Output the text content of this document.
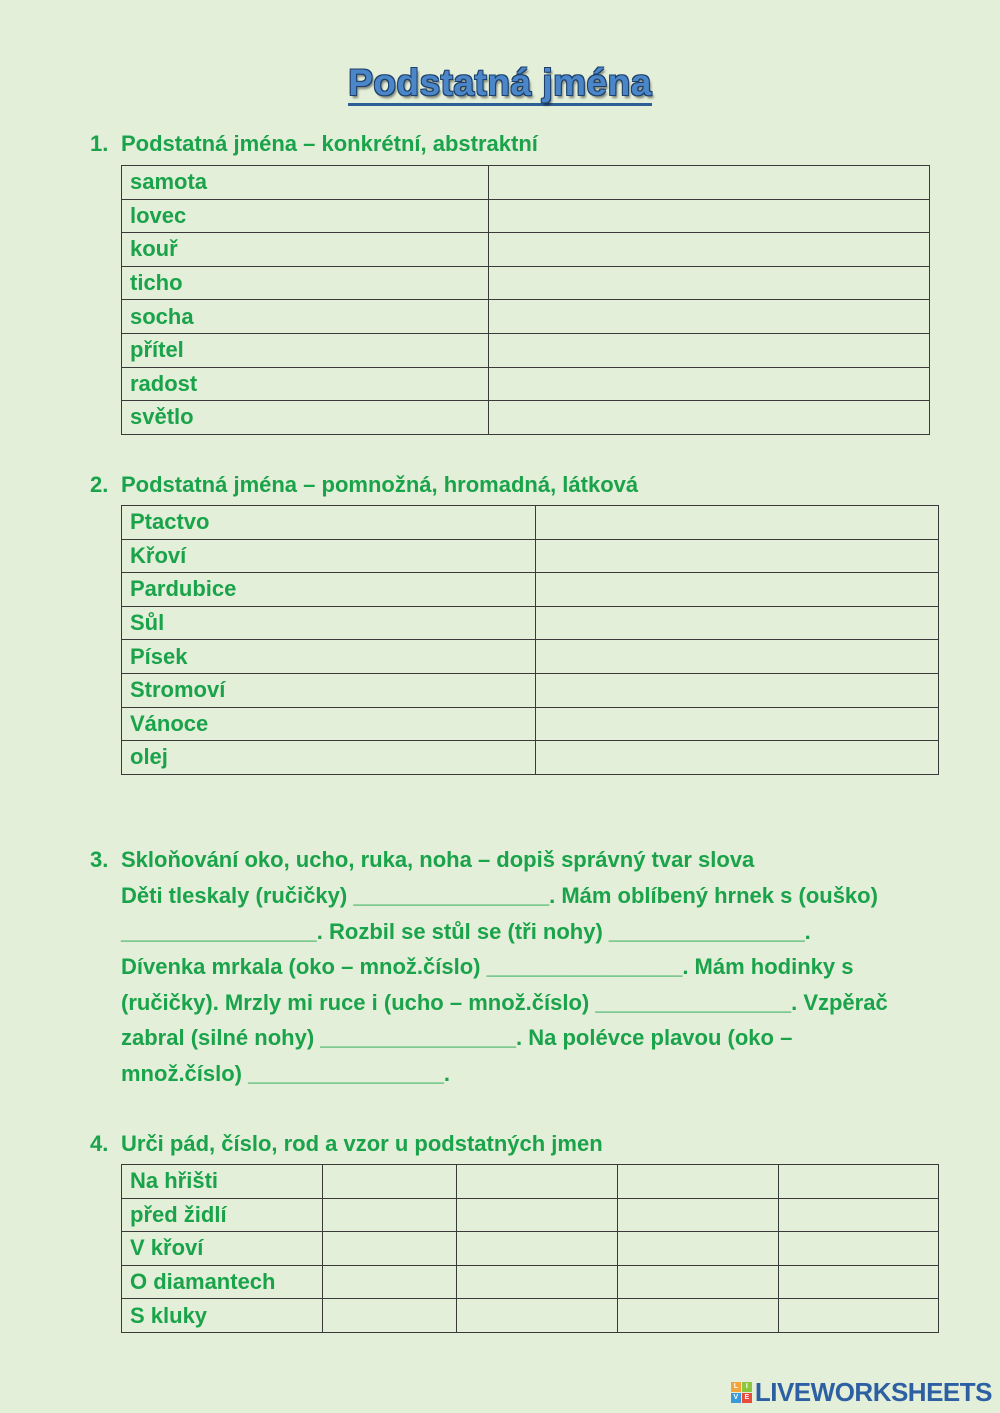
Podstatná jména
1. Podstatná jména – konkrétní, abstraktní
samota	
lovec	
kouř	
ticho	
socha	
přítel	
radost	
světlo	
2. Podstatná jména – pomnožná, hromadná, látková
Ptactvo	
Křoví	
Pardubice	
Sůl	
Písek	
Stromoví	
Vánoce	
olej	
3. Skloňování oko, ucho, ruka, noha – dopiš správný tvar slova
Děti tleskaly (ručičky) ________________. Mám oblíbený hrnek s (ouško)
________________. Rozbil se stůl se (tři nohy) ________________.
Dívenka mrkala (oko – množ.číslo) ________________. Mám hodinky s
(ručičky). Mrzly mi ruce i (ucho – množ.číslo) ________________. Vzpěrač
zabral (silné nohy) ________________. Na polévce plavou (oko –
množ.číslo) ________________.
4. Urči pád, číslo, rod a vzor u podstatných jmen
Na hřišti				
před židlí				
V křoví				
O diamantech				
S kluky				
L	I
V E LIVEWORKSHEETS
